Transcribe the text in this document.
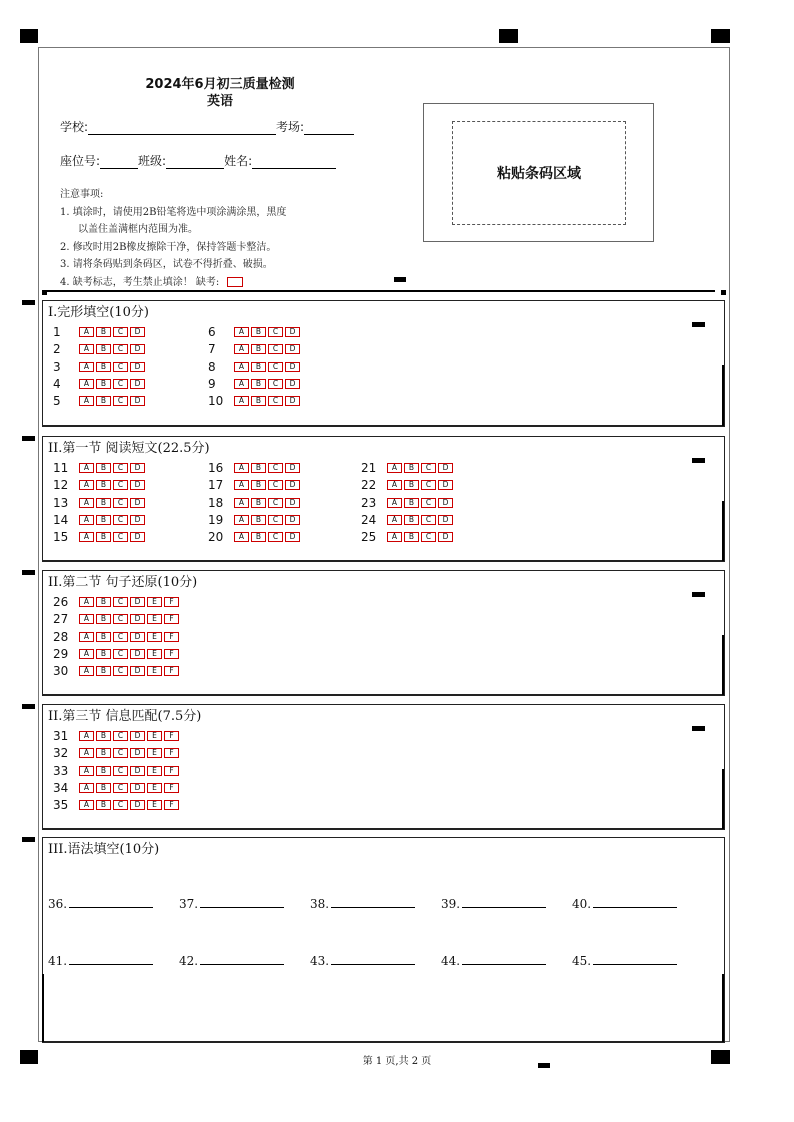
2024年6月初三质量检测
英语
学校:	考场:
座位号:	班级:	姓名:
注意事项:
1. 填涂时，请使用2B铅笔将选中项涂满涂黑，黑度
以盖住盖满框内范围为准。
2. 修改时用2B橡皮擦除干净，保持答题卡整洁。
3. 请将条码贴到条码区，试卷不得折叠、破损。
4. 缺考标志，考生禁止填涂！ 缺考:
粘贴条码区域
I.完形填空(10分)
1	A	B	C	D
2	A	B	C	D
3	A	B	C	D
4	A	B	C	D
5	A	B	C	D
6	A	B	C	D
7	A	B	C	D
8	A	B	C	D
9	A	B	C	D
10	A	B	C	D
II.第一节 阅读短文(22.5分)
11	A	B	C	D
12	A	B	C	D
13	A	B	C	D
14	A	B	C	D
15	A	B	C	D
16	A	B	C	D
17	A	B	C	D
18	A	B	C	D
19	A	B	C	D
20	A	B	C	D
21	A	B	C	D
22	A	B	C	D
23	A	B	C	D
24	A	B	C	D
25	A	B	C	D
II.第二节 句子还原(10分)
26	A	B	C	D	E	F
27	A	B	C	D	E	F
28	A	B	C	D	E	F
29	A	B	C	D	E	F
30	A	B	C	D	E	F
II.第三节 信息匹配(7.5分)
31	A	B	C	D	E	F
32	A	B	C	D	E	F
33	A	B	C	D	E	F
34	A	B	C	D	E	F
35	A	B	C	D	E	F
III.语法填空(10分)
36.	37.	38.	39.	40.
41.	42.	43.	44.	45.
第 1 页,共 2 页
